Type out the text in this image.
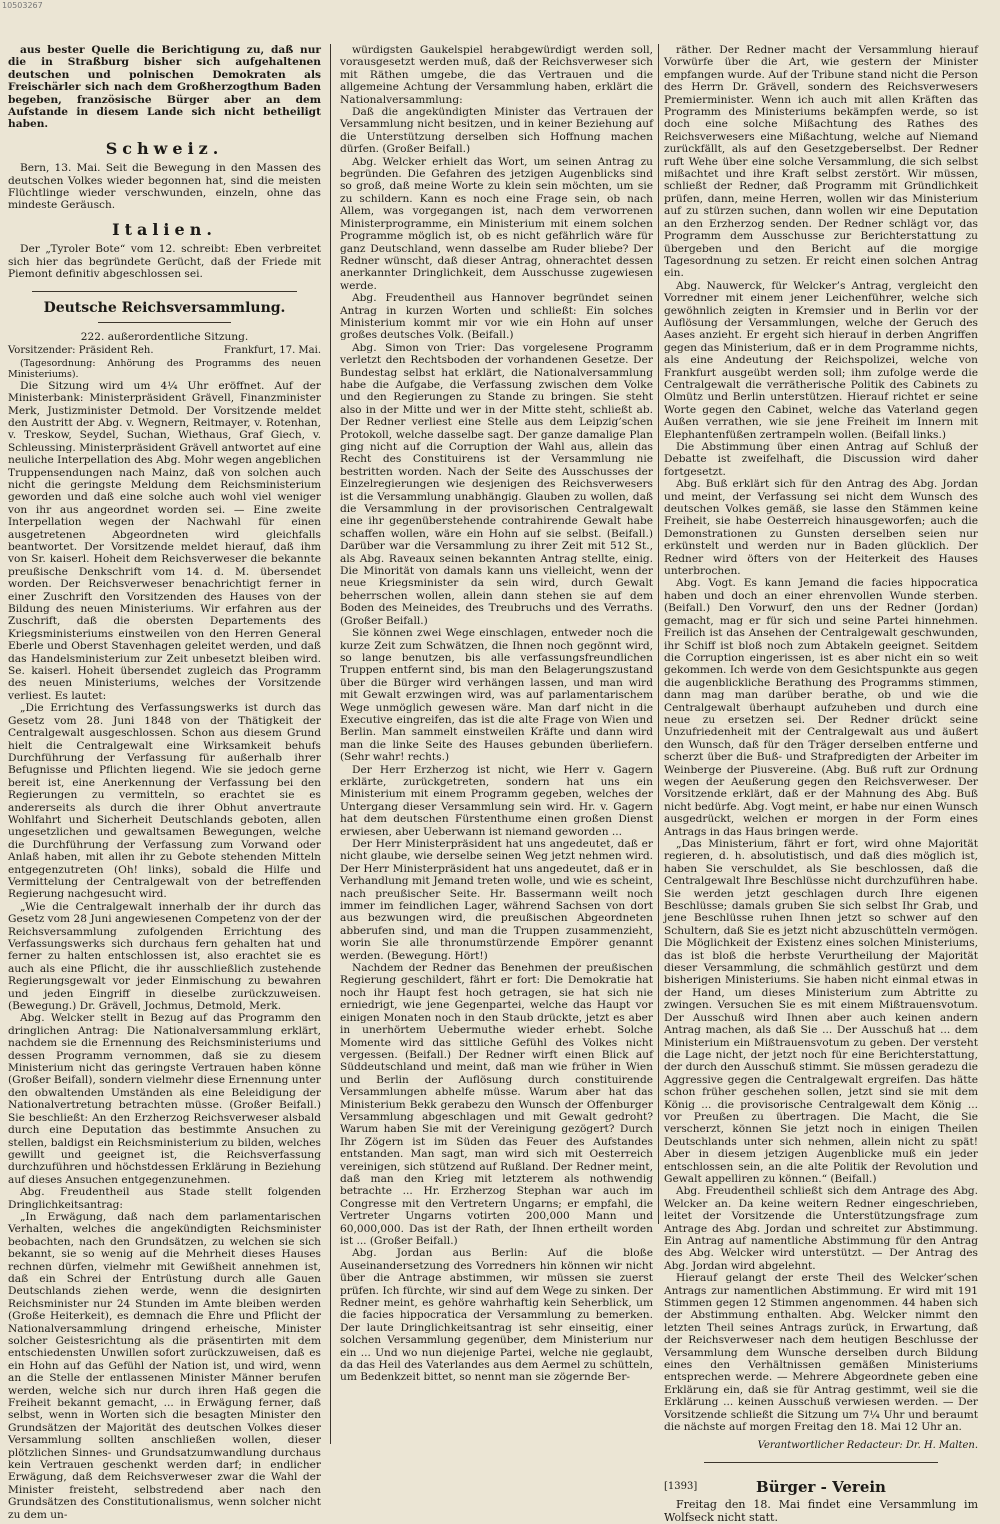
10503267

aus bester Quelle die Berichtigung zu, daß nur die in Straßburg bisher sich aufgehaltenen deutschen und polnischen Demokraten als Freischärler sich nach dem Großherzogthum Baden begeben, französische Bürger aber an dem Aufstande in diesem Lande sich nicht betheiligt haben.

Schweiz.

Bern, 13. Mai. Seit die Bewegung in den Massen des deutschen Volkes wieder begonnen hat, sind die meisten Flüchtlinge wieder verschwunden, einzeln, ohne das mindeste Geräusch.

Italien.

Der „Tyroler Bote“ vom 12. schreibt: Eben verbreitet sich hier das begründete Gerücht, daß der Friede mit Piemont definitiv abgeschlossen sei.

Deutsche Reichsversammlung.
222. außerordentliche Sitzung.
Vorsitzender: Präsident Reh.	Frankfurt, 17. Mai.

(Tagesordnung: Anhörung des Programms des neuen Ministeriums).

Die Sitzung wird um 4¼ Uhr eröffnet. Auf der Ministerbank: Ministerpräsident Grävell, Finanzminister Merk, Justizminister Detmold. Der Vorsitzende meldet den Austritt der Abg. v. Wegnern, Reitmayer, v. Rotenhan, v. Treskow, Seydel, Suchan, Wiethaus, Graf Giech, v. Schleussing. Ministerpräsident Grävell antwortet auf eine neuliche Interpellation des Abg. Mohr wegen angeblichen Truppensendungen nach Mainz, daß von solchen auch nicht die geringste Meldung dem Reichsministerium geworden und daß eine solche auch wohl viel weniger von ihr aus angeordnet worden sei. — Eine zweite Interpellation wegen der Nachwahl für einen ausgetretenen Abgeordneten wird gleichfalls beantwortet. Der Vorsitzende meldet hierauf, daß ihm von Sr. kaiserl. Hoheit dem Reichsverweser die bekannte preußische Denkschrift vom 14. d. M. übersendet worden. Der Reichsverweser benachrichtigt ferner in einer Zuschrift den Vorsitzenden des Hauses von der Bildung des neuen Ministeriums. Wir erfahren aus der Zuschrift, daß die obersten Departements des Kriegsministeriums einstweilen von den Herren General Eberle und Oberst Stavenhagen geleitet werden, und daß das Handelsministerium zur Zeit unbesetzt bleiben wird. Se. kaiserl. Hoheit übersendet zugleich das Programm des neuen Ministeriums, welches der Vorsitzende verliest. Es lautet:

„Die Errichtung des Verfassungswerks ist durch das Gesetz vom 28. Juni 1848 von der Thätigkeit der Centralgewalt ausgeschlossen. Schon aus diesem Grund hielt die Centralgewalt eine Wirksamkeit behufs Durchführung der Verfassung für außerhalb ihrer Befugnisse und Pflichten liegend. Wie sie jedoch gerne bereit ist, eine Anerkennung der Verfassung bei den Regierungen zu vermitteln, so erachtet sie es andererseits als durch die ihrer Obhut anvertraute Wohlfahrt und Sicherheit Deutschlands geboten, allen ungesetzlichen und gewaltsamen Bewegungen, welche die Durchführung der Verfassung zum Vorwand oder Anlaß haben, mit allen ihr zu Gebote stehenden Mitteln entgegenzutreten (Oh! links), sobald die Hilfe und Vermittelung der Centralgewalt von der betreffenden Regierung nachgesucht wird.

„Wie die Centralgewalt innerhalb der ihr durch das Gesetz vom 28 Juni angewiesenen Competenz von der der Reichsversammlung zufolgenden Errichtung des Verfassungswerks sich durchaus fern gehalten hat und ferner zu halten entschlossen ist, also erachtet sie es auch als eine Pflicht, die ihr ausschließlich zustehende Regierungsgewalt vor jeder Einmischung zu bewahren und jeden Eingriff in dieselbe zurückzuweisen. (Bewegung.) Dr. Grävell, Jochmus, Detmold, Merk.

Abg. Welcker stellt in Bezug auf das Programm den dringlichen Antrag: Die Nationalversammlung erklärt, nachdem sie die Ernennung des Reichsministeriums und dessen Programm vernommen, daß sie zu diesem Ministerium nicht das geringste Vertrauen haben könne (Großer Beifall), sondern vielmehr diese Ernennung unter den obwaltenden Umständen als eine Beleidigung der Nationalvertretung betrachten müsse. (Großer Beifall.) Sie beschließt: An den Erzherzog Reichsverweser alsbald durch eine Deputation das bestimmte Ansuchen zu stellen, baldigst ein Reichsministerium zu bilden, welches gewillt und geeignet ist, die Reichsverfassung durchzuführen und höchstdessen Erklärung in Beziehung auf dieses Ansuchen entgegenzunehmen.

Abg. Freudentheil aus Stade stellt folgenden Dringlichkeitsantrag:

„In Erwägung, daß nach dem parlamentarischen Verhalten, welches die angekündigten Reichsminister beobachten, nach den Grundsätzen, zu welchen sie sich bekannt, sie so wenig auf die Mehrheit dieses Hauses rechnen dürfen, vielmehr mit Gewißheit annehmen ist, daß ein Schrei der Entrüstung durch alle Gauen Deutschlands ziehen werde, wenn die designirten Reichsminister nur 24 Stunden im Amte bleiben werden (Große Heiterkeit), es demnach die Ehre und Pflicht der Nationalversammlung dringend erheische, Minister solcher Geistesrichtung als die präsentirten mit dem entschiedensten Unwillen sofort zurückzuweisen, daß es ein Hohn auf das Gefühl der Nation ist, und wird, wenn an die Stelle der entlassenen Minister Männer berufen werden, welche sich nur durch ihren Haß gegen die Freiheit bekannt gemacht, ... in Erwägung ferner, daß selbst, wenn in Worten sich die besagten Minister den Grundsätzen der Majorität des deutschen Volkes dieser Versammlung sollten anschließen wollen, dieser plötzlichen Sinnes- und Grundsatzumwandlung durchaus kein Vertrauen geschenkt werden darf; in endlicher Erwägung, daß dem Reichsverweser zwar die Wahl der Minister freisteht, selbstredend aber nach den Grundsätzen des Constitutionalismus, wenn solcher nicht zu dem un-

würdigsten Gaukelspiel herabgewürdigt werden soll, vorausgesetzt werden muß, daß der Reichsverweser sich mit Räthen umgebe, die das Vertrauen und die allgemeine Achtung der Versammlung haben, erklärt die Nationalversammlung:

Daß die angekündigten Minister das Vertrauen der Versammlung nicht besitzen, und in keiner Beziehung auf die Unterstützung derselben sich Hoffnung machen dürfen. (Großer Beifall.)

Abg. Welcker erhielt das Wort, um seinen Antrag zu begründen. Die Gefahren des jetzigen Augenblicks sind so groß, daß meine Worte zu klein sein möchten, um sie zu schildern. Kann es noch eine Frage sein, ob nach Allem, was vorgegangen ist, nach dem verworrenen Ministerprogramme, ein Ministerium mit einem solchen Programme möglich ist, ob es nicht gefährlich wäre für ganz Deutschland, wenn dasselbe am Ruder bliebe? Der Redner wünscht, daß dieser Antrag, ohnerachtet dessen anerkannter Dringlichkeit, dem Ausschusse zugewiesen werde.

Abg. Freudentheil aus Hannover begründet seinen Antrag in kurzen Worten und schließt: Ein solches Ministerium kommt mir vor wie ein Hohn auf unser großes deutsches Volk. (Beifall.)

Abg. Simon von Trier: Das vorgelesene Programm verletzt den Rechtsboden der vorhandenen Gesetze. Der Bundestag selbst hat erklärt, die Nationalversammlung habe die Aufgabe, die Verfassung zwischen dem Volke und den Regierungen zu Stande zu bringen. Sie steht also in der Mitte und wer in der Mitte steht, schließt ab. Der Redner verliest eine Stelle aus dem Leipzig’schen Protokoll, welche dasselbe sagt. Der ganze damalige Plan ging nicht auf die Corruption der Wahl aus, allein das Recht des Constituirens ist der Versammlung nie bestritten worden. Nach der Seite des Ausschusses der Einzelregierungen wie desjenigen des Reichsverwesers ist die Versammlung unabhängig. Glauben zu wollen, daß die Versammlung in der provisorischen Centralgewalt eine ihr gegenüberstehende contrahirende Gewalt habe schaffen wollen, wäre ein Hohn auf sie selbst. (Beifall.) Darüber war die Versammlung zu ihrer Zeit mit 512 St., als Abg. Raveaux seinen bekannten Antrag stellte, einig. Die Minorität von damals kann uns vielleicht, wenn der neue Kriegsminister da sein wird, durch Gewalt beherrschen wollen, allein dann stehen sie auf dem Boden des Meineides, des Treubruchs und des Verraths. (Großer Beifall.)

Sie können zwei Wege einschlagen, entweder noch die kurze Zeit zum Schwätzen, die Ihnen noch gegönnt wird, so lange benutzen, bis alle verfassungsfreundlichen Truppen entfernt sind, bis man den Belagerungszustand über die Bürger wird verhängen lassen, und man wird mit Gewalt erzwingen wird, was auf parlamentarischem Wege unmöglich gewesen wäre. Man darf nicht in die Executive eingreifen, das ist die alte Frage von Wien und Berlin. Man sammelt einstweilen Kräfte und dann wird man die linke Seite des Hauses gebunden überliefern. (Sehr wahr! rechts.)

Der Herr Erzherzog ist nicht, wie Herr v. Gagern erklärte, zurückgetreten, sondern hat uns ein Ministerium mit einem Programm gegeben, welches der Untergang dieser Versammlung sein wird. Hr. v. Gagern hat dem deutschen Fürstenthume einen großen Dienst erwiesen, aber Ueberwann ist niemand geworden ...

Der Herr Ministerpräsident hat uns angedeutet, daß er nicht glaube, wie derselbe seinen Weg jetzt nehmen wird. Der Herr Ministerpräsident hat uns angedeutet, daß er in Verhandlung mit Jemand treten wolle, und wie es scheint, nach preußischer Seite. Hr. Bassermann weilt noch immer im feindlichen Lager, während Sachsen von dort aus bezwungen wird, die preußischen Abgeordneten abberufen sind, und man die Truppen zusammenzieht, worin Sie alle thronumstürzende Empörer genannt werden. (Bewegung. Hört!)

Nachdem der Redner das Benehmen der preußischen Regierung geschildert, fährt er fort: Die Demokratie hat noch ihr Haupt fest hoch getragen, sie hat sich nie erniedrigt, wie jene Gegenpartei, welche das Haupt vor einigen Monaten noch in den Staub drückte, jetzt es aber in unerhörtem Uebermuthe wieder erhebt. Solche Momente wird das sittliche Gefühl des Volkes nicht vergessen. (Beifall.) Der Redner wirft einen Blick auf Süddeutschland und meint, daß man wie früher in Wien und Berlin der Auflösung durch constituirende Versammlungen abhelfe müsse. Warum aber hat das Ministerium Bekk gerabezu den Wunsch der Offenburger Versammlung abgeschlagen und mit Gewalt gedroht? Warum haben Sie mit der Vereinigung gezögert? Durch Ihr Zögern ist im Süden das Feuer des Aufstandes entstanden. Man sagt, man wird sich mit Oesterreich vereinigen, sich stützend auf Rußland. Der Redner meint, daß man den Krieg mit letzterem als nothwendig betrachte ... Hr. Erzherzog Stephan war auch im Congresse mit den Vertretern Ungarns; er empfahl, die Vertreter Ungarns votirten 200,000 Mann und 60,000,000. Das ist der Rath, der Ihnen ertheilt worden ist ... (Großer Beifall.)

Abg. Jordan aus Berlin: Auf die bloße Auseinandersetzung des Vorredners hin können wir nicht über die Antrage abstimmen, wir müssen sie zuerst prüfen. Ich fürchte, wir sind auf dem Wege zu sinken. Der Redner meint, es gehöre wahrhaftig kein Seherblick, um die facies hippocratica der Versammlung zu bemerken. Der laute Dringlichkeitsantrag ist sehr einseitig, einer solchen Versammlung gegenüber, dem Ministerium nur ein ... Und wo nun diejenige Partei, welche nie geglaubt, da das Heil des Vaterlandes aus dem Aermel zu schütteln, um Bedenkzeit bittet, so nennt man sie zögernde Ber-

räther. Der Redner macht der Versammlung hierauf Vorwürfe über die Art, wie gestern der Minister empfangen wurde. Auf der Tribune stand nicht die Person des Herrn Dr. Grävell, sondern des Reichsverwesers Premierminister. Wenn ich auch mit allen Kräften das Programm des Ministeriums bekämpfen werde, so ist doch eine solche Mißachtung des Rathes des Reichsverwesers eine Mißachtung, welche auf Niemand zurückfällt, als auf den Gesetzgeberselbst. Der Redner ruft Wehe über eine solche Versammlung, die sich selbst mißachtet und ihre Kraft selbst zerstört. Wir müssen, schließt der Redner, daß Programm mit Gründlichkeit prüfen, dann, meine Herren, wollen wir das Ministerium auf zu stürzen suchen, dann wollen wir eine Deputation an den Erzherzog senden. Der Redner schlägt vor, das Programm dem Ausschusse zur Berichterstattung zu übergeben und den Bericht auf die morgige Tagesordnung zu setzen. Er reicht einen solchen Antrag ein.

Abg. Nauwerck, für Welcker’s Antrag, vergleicht den Vorredner mit einem jener Leichenführer, welche sich gewöhnlich zeigten in Kremsier und in Berlin vor der Auflösung der Versammlungen, welche der Geruch des Aases anzieht. Er ergeht sich hierauf in derben Angriffen gegen das Ministerium, daß er in dem Programme nichts, als eine Andeutung der Reichspolizei, welche von Frankfurt ausgeübt werden soll; ihm zufolge werde die Centralgewalt die verrätherische Politik des Cabinets zu Olmütz und Berlin unterstützen. Hierauf richtet er seine Worte gegen den Cabinet, welche das Vaterland gegen Außen verrathen, wie sie jene Freiheit im Innern mit Elephantenfüßen zertrampeln wollen. (Beifall links.)

Die Abstimmung über einen Antrag auf Schluß der Debatte ist zweifelhaft, die Discussion wird daher fortgesetzt.

Abg. Buß erklärt sich für den Antrag des Abg. Jordan und meint, der Verfassung sei nicht dem Wunsch des deutschen Volkes gemäß, sie lasse den Stämmen keine Freiheit, sie habe Oesterreich hinausgeworfen; auch die Demonstrationen zu Gunsten derselben seien nur erkünstelt und werden nur in Baden glücklich. Der Redner wird öfters von der Heiterkeit des Hauses unterbrochen.

Abg. Vogt. Es kann Jemand die facies hippocratica haben und doch an einer ehrenvollen Wunde sterben. (Beifall.) Den Vorwurf, den uns der Redner (Jordan) gemacht, mag er für sich und seine Partei hinnehmen. Freilich ist das Ansehen der Centralgewalt geschwunden, ihr Schiff ist bloß noch zum Abtakeln geeignet. Seitdem die Corruption eingerissen, ist es aber nicht ein so weit gekommen. Ich werde von dem Gesichtspunkte aus gegen die augenblickliche Berathung des Programms stimmen, dann mag man darüber berathe, ob und wie die Centralgewalt überhaupt aufzuheben und durch eine neue zu ersetzen sei. Der Redner drückt seine Unzufriedenheit mit der Centralgewalt aus und äußert den Wunsch, daß für den Träger derselben entferne und scherzt über die Buß- und Strafpredigten der Arbeiter im Weinberge der Piusvereine. (Abg. Buß ruft zur Ordnung wegen der Aeußerung gegen den Reichsverweser. Der Vorsitzende erklärt, daß er der Mahnung des Abg. Buß nicht bedürfe. Abg. Vogt meint, er habe nur einen Wunsch ausgedrückt, welchen er morgen in der Form eines Antrags in das Haus bringen werde.

„Das Ministerium, fährt er fort, wird ohne Majorität regieren, d. h. absolutistisch, und daß dies möglich ist, haben Sie verschuldet, als Sie beschlossen, daß die Centralgewalt Ihre Beschlüsse nicht durchzuführen habe. Sie werden jetzt geschlagen durch Ihre eigenen Beschlüsse; damals gruben Sie sich selbst Ihr Grab, und jene Beschlüsse ruhen Ihnen jetzt so schwer auf den Schultern, daß Sie es jetzt nicht abzuschütteln vermögen. Die Möglichkeit der Existenz eines solchen Ministeriums, das ist bloß die herbste Verurtheilung der Majorität dieser Versammlung, die schmählich gestürzt und dem bisherigen Ministeriums. Sie haben nicht einmal etwas in der Hand, um dieses Ministerium zum Abtritte zu zwingen. Versuchen Sie es mit einem Mißtrauensvotum. Der Ausschuß wird Ihnen aber auch keinen andern Antrag machen, als daß Sie ... Der Ausschuß hat ... dem Ministerium ein Mißtrauensvotum zu geben. Der versteht die Lage nicht, der jetzt noch für eine Berichterstattung, der durch den Ausschuß stimmt. Sie müssen geradezu die Aggressive gegen die Centralgewalt ergreifen. Das hätte schon früher geschehen sollen, jetzt sind sie mit dem König ... die provisorische Centralgewalt dem König ... vor Preußen zu übertragen. Die Macht, die Sie verscherzt, können Sie jetzt noch in einigen Theilen Deutschlands unter sich nehmen, allein nicht zu spät! Aber in diesem jetzigen Augenblicke muß ein jeder entschlossen sein, an die alte Politik der Revolution und Gewalt appelliren zu können.“ (Beifall.)

Abg. Freudentheil schließt sich dem Antrage des Abg. Welcker an. Da keine weitern Redner eingeschrieben, leitet der Vorsitzende die Unterstützungsfrage zum Antrage des Abg. Jordan und schreitet zur Abstimmung. Ein Antrag auf namentliche Abstimmung für den Antrag des Abg. Welcker wird unterstützt. — Der Antrag des Abg. Jordan wird abgelehnt.

Hierauf gelangt der erste Theil des Welcker’schen Antrags zur namentlichen Abstimmung. Er wird mit 191 Stimmen gegen 12 Stimmen angenommen. 44 haben sich der Abstimmung enthalten. Abg. Welcker nimmt den letzten Theil seines Antrags zurück, in Erwartung, daß der Reichsverweser nach dem heutigen Beschlusse der Versammlung dem Wunsche derselben durch Bildung eines den Verhältnissen gemäßen Ministeriums entsprechen werde. — Mehrere Abgeordnete geben eine Erklärung ein, daß sie für Antrag gestimmt, weil sie die Erklärung ... keinen Ausschuß verwiesen werden. — Der Vorsitzende schließt die Sitzung um 7¼ Uhr und beraumt die nächste auf morgen Freitag den 18. Mai 12 Uhr an.

Verantwortlicher Redacteur: Dr. H. Malten.
[1393]	Bürger - Verein

Freitag den 18. Mai findet eine Versammlung im Wolfseck nicht statt.
